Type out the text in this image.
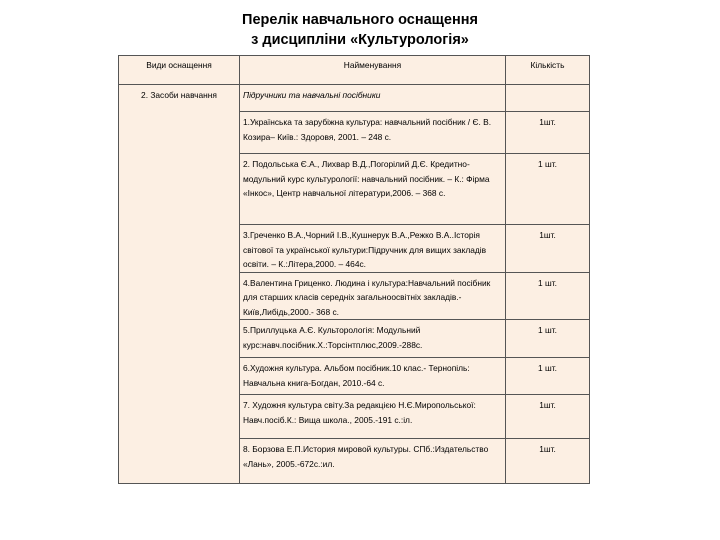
Перелік навчального оснащення
з дисципліни «Культурологія»
Види оснащення	Найменування	Кількість
2. Засоби навчання	Підручники та навчальні посібники	
	1.Українська та зарубіжна культура: навчальний посібник / Є. В. Козира– Київ.: Здоровя, 2001. – 248 с.	1шт.
	2. Подольська Є.А., Лихвар В.Д.,Погорілий Д.Є. Кредитно-модульний курс культурології: навчальний посібник. – К.: Фірма «Інкос», Центр навчальної літератури,2006. – 368 с.	1 шт.
	3.Греченко В.А.,Чорний І.В.,Кушнерук В.А.,Режко В.А..Історія світової та української культури:Підручник для вищих закладів освіти. – К.:Літера,2000. – 464с.	1шт.
	4.Валентина Гриценко. Людина і культура:Навчальний посібник для старших класів середніх загальноосвітніх закладів.- Київ,Либідь,2000.- 368 с.	1 шт.
	5.Приллуцька А.Є. Культорологія: Модульний курс:навч.посібник.Х.:Торсінтплюс,2009.-288с.	1 шт.
	6.Художня культура. Альбом посібник.10 клас.- Тернопіль: Навчальна книга-Богдан, 2010.-64 с.	1 шт.
	7. Художня культура світу.За редакцією Н.Є.Миропольської: Навч.посіб.К.: Вища школа., 2005.-191 с.:іл.	1шт.
	8. Борзова Е.П.История мировой культуры. СПб.:Издательство «Лань», 2005.-672с.:ил.	1шт.
